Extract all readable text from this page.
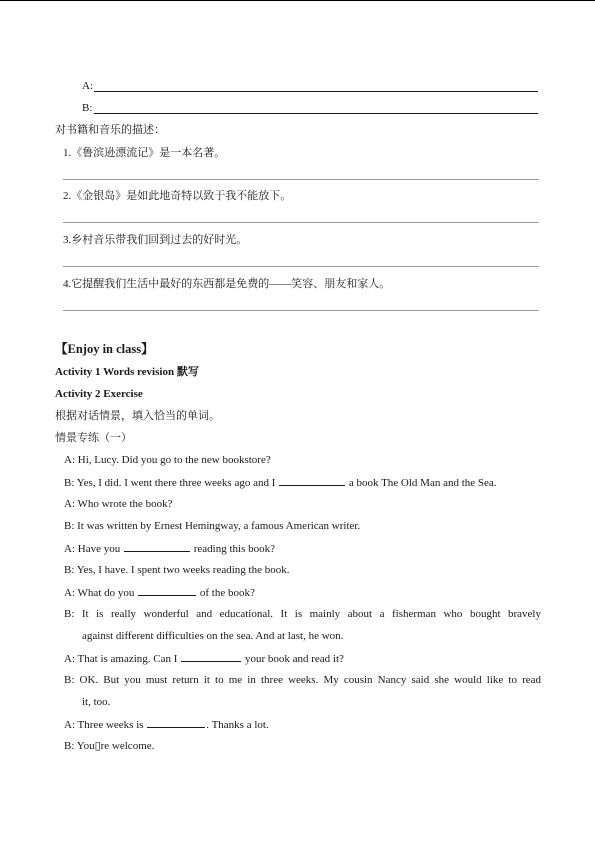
A:
B:
对书籍和音乐的描述：
1.《鲁滨逊漂流记》是一本名著。
2.《金银岛》是如此地奇特以致于我不能放下。
3.乡村音乐带我们回到过去的好时光。
4.它提醒我们生活中最好的东西都是免费的——笑容、朋友和家人。
【Enjoy in class】
Activity 1 Words revision 默写
Activity 2 Exercise
根据对话情景，填入恰当的单词。
情景专练（一）
A: Hi, Lucy. Did you go to the new bookstore?
B: Yes, I did. I went there three weeks ago and I	a book The Old Man and the Sea.
A: Who wrote the book?
B: It was written by Ernest Hemingway, a famous American writer.
A: Have you	reading this book?
B: Yes, I have. I spent two weeks reading the book.
A: What do you	of the book?
B: It is really wonderful and educational. It is mainly about a fisherman who bought bravely
against different difficulties on the sea. And at last, he won.
A: That is amazing. Can I	your book and read it?
B: OK. But you must return it to me in three weeks. My cousin Nancy said she would like to read
it, too.
A: Three weeks is	. Thanks a lot.
B: You▯re welcome.
